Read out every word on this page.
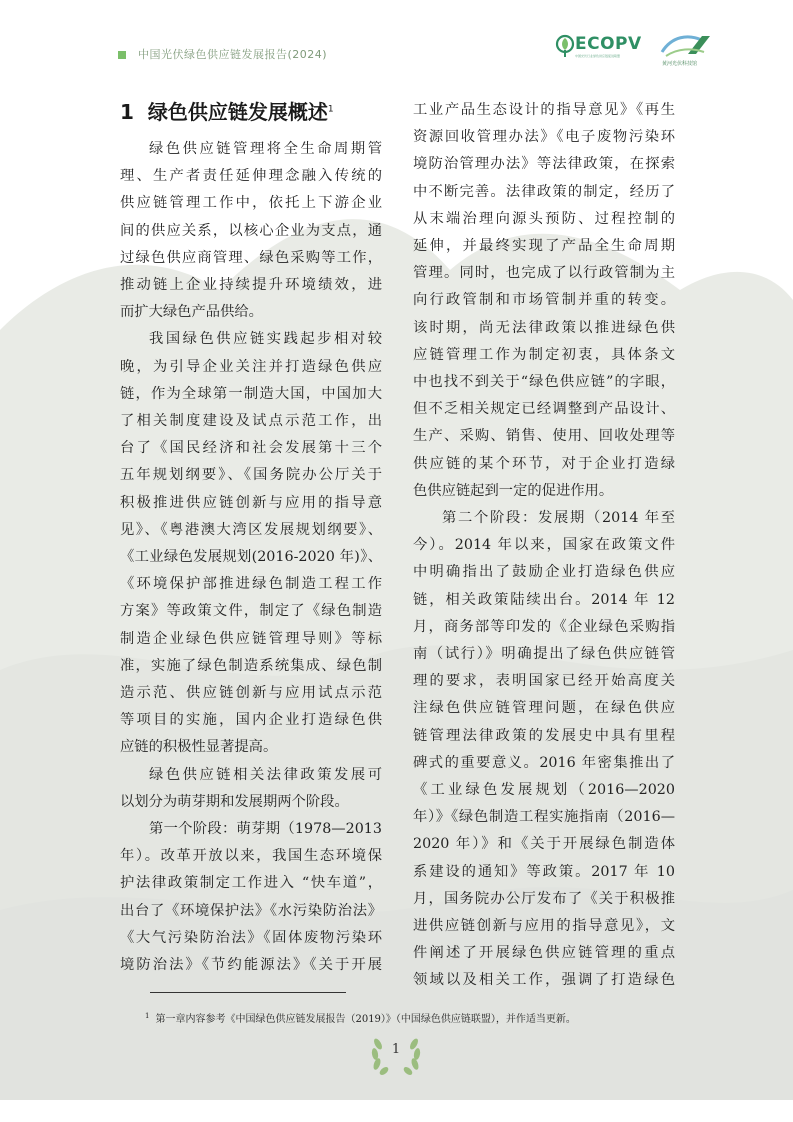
中国光伏绿色供应链发展报告(2024)
ECOPV
中国光伏行业绿色供应链促进联盟
黄河光伏科技馆
1 绿色供应链发展概述$^1$
绿色供应链管理将全生命周期管
理、生产者责任延伸理念融入传统的
供应链管理工作中，依托上下游企业
间的供应关系，以核心企业为支点，通
过绿色供应商管理、绿色采购等工作，
推动链上企业持续提升环境绩效，进
而扩大绿色产品供给。
我国绿色供应链实践起步相对较
晚，为引导企业关注并打造绿色供应
链，作为全球第一制造大国，中国加大
了相关制度建设及试点示范工作，出
台了《国民经济和社会发展第十三个
五年规划纲要》、《国务院办公厅关于
积极推进供应链创新与应用的指导意
见》、《粤港澳大湾区发展规划纲要》、
《工业绿色发展规划(2016-2020 年)》、
《环境保护部推进绿色制造工程工作
方案》等政策文件，制定了《绿色制造
制造企业绿色供应链管理导则》等标
准，实施了绿色制造系统集成、绿色制
造示范、供应链创新与应用试点示范
等项目的实施，国内企业打造绿色供
应链的积极性显著提高。
绿色供应链相关法律政策发展可
以划分为萌芽期和发展期两个阶段。
第一个阶段：萌芽期（1978—2013
年）。改革开放以来，我国生态环境保
护法律政策制定工作进入 “快车道”，
出台了《环境保护法》《水污染防治法》
《大气污染防治法》《固体废物污染环
境防治法》《节约能源法》《关于开展
工业产品生态设计的指导意见》《再生
资源回收管理办法》《电子废物污染环
境防治管理办法》等法律政策，在探索
中不断完善。法律政策的制定，经历了
从末端治理向源头预防、过程控制的
延伸，并最终实现了产品全生命周期
管理。同时，也完成了以行政管制为主
向行政管制和市场管制并重的转变。
该时期，尚无法律政策以推进绿色供
应链管理工作为制定初衷，具体条文
中也找不到关于“绿色供应链”的字眼，
但不乏相关规定已经调整到产品设计、
生产、采购、销售、使用、回收处理等
供应链的某个环节，对于企业打造绿
色供应链起到一定的促进作用。
第二个阶段：发展期（2014 年至
今）。2014 年以来，国家在政策文件
中明确指出了鼓励企业打造绿色供应
链，相关政策陆续出台。2014 年 12
月，商务部等印发的《企业绿色采购指
南（试行）》明确提出了绿色供应链管
理的要求，表明国家已经开始高度关
注绿色供应链管理问题，在绿色供应
链管理法律政策的发展史中具有里程
碑式的重要意义。2016 年密集推出了
《工业绿色发展规划（2016—2020
年）》《绿色制造工程实施指南（2016—
2020 年）》和《关于开展绿色制造体
系建设的通知》等政策。2017 年 10
月，国务院办公厅发布了《关于积极推
进供应链创新与应用的指导意见》，文
件阐述了开展绿色供应链管理的重点
领域以及相关工作，强调了打造绿色
$^1$ 第一章内容参考《中国绿色供应链发展报告（2019）》（中国绿色供应链联盟），并作适当更新。
1
